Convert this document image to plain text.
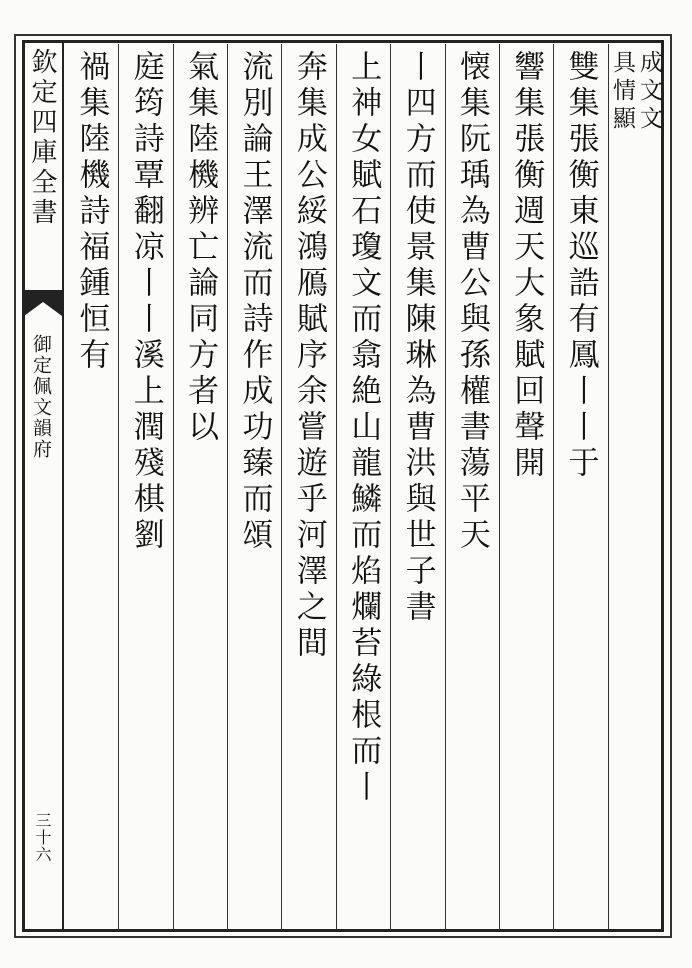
欽定四庫全書
御定佩文韻府
三十六
成文文
具情顯
雙集張衡東巡誥有鳳丨丨于
響集張衡週天大象賦回聲開
懐集阮瑀為曹公與孫權書蕩平天
丨四方而使景集陳琳為曹洪與世子書
上神女賦石瓊文而翕絶山龍鱗而焰爛苔綠根而丨
奔集成公綏鴻鴈賦序余嘗遊乎河澤之間
流別論王澤流而詩作成功臻而頌
氣集陸機辨亡論同方者以
庭筠詩覃翻凉丨丨溪上潤殘棋劉
禍集陸機詩福鍾恒有
